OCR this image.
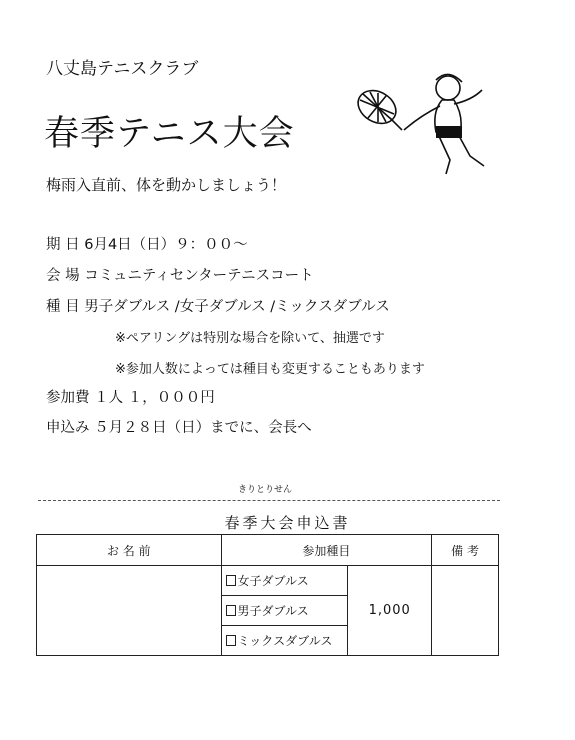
八丈島テニスクラブ
春季テニス大会
梅雨入直前、体を動かしましょう！
期 日 6月4日（日）９：００～
会 場 コミュニティセンターテニスコート
種 目 男子ダブルス /女子ダブルス /ミックスダブルス
※ペアリングは特別な場合を除いて、抽選です
※参加人数によっては種目も変更することもあります
参加費 １人 １，０００円
申込み ５月２８日（日）までに、会長へ
きりとりせん
春季大会申込書
お 名 前	参加種目		備 考
	女子ダブルス	1,000	
	男子ダブルス		
	ミックスダブルス		
